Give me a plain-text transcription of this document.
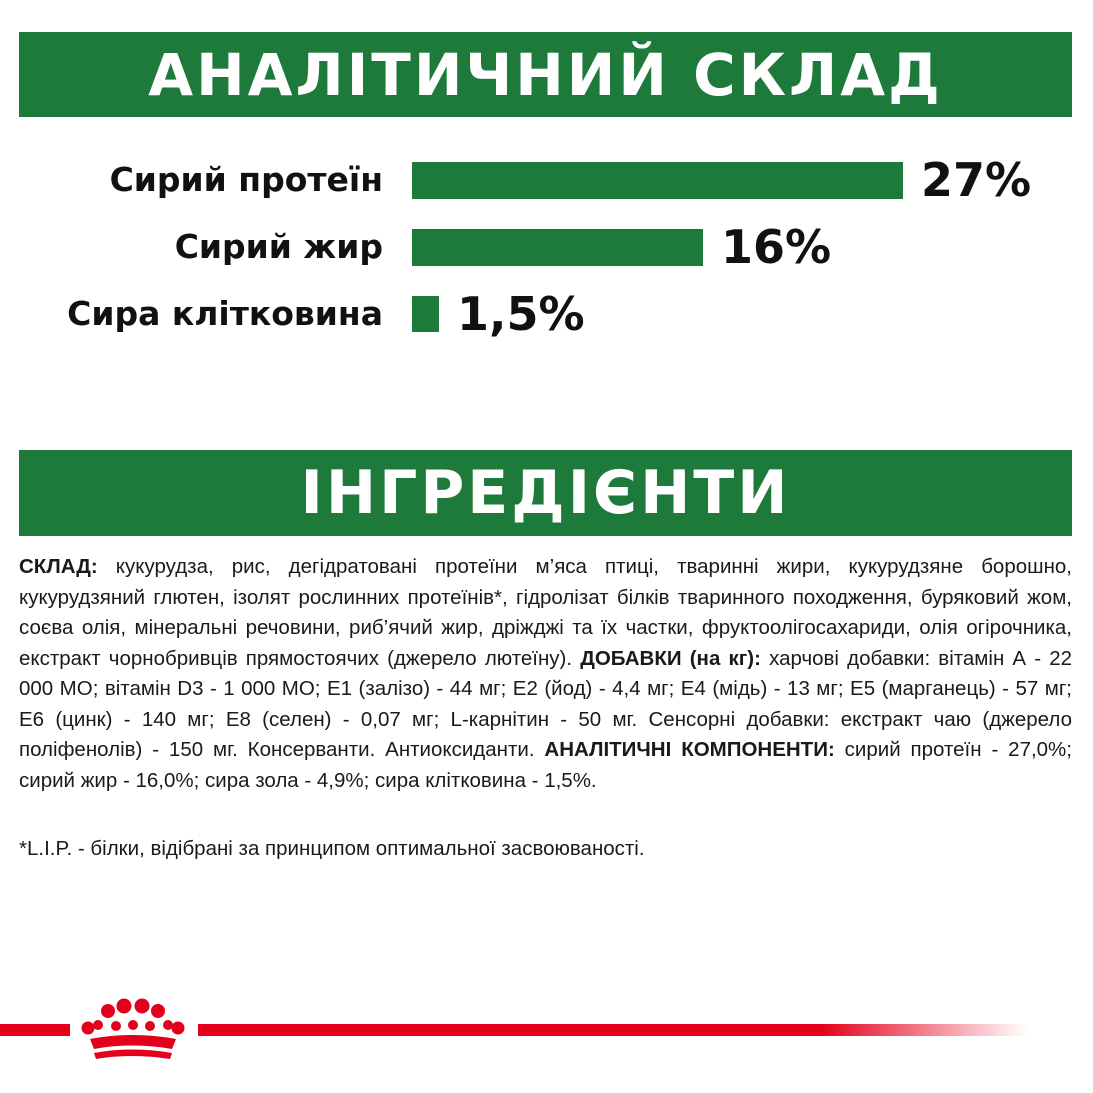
АНАЛІТИЧНИЙ СКЛАД
Сирий протеїн	27%
Сирий жир	16%
Сира клітковина 1,5%
ІНГРЕДІЄНТИ
СКЛАД: кукурудза, рис, дегідратовані протеїни м’яса птиці, тваринні жири, кукурудзяне борошно, кукурудзяний глютен, ізолят рослинних протеїнів*, гідролізат білків тваринного походження, буряковий жом, соєва олія, мінеральні речовини, риб’ячий жир, дріжджі та їх частки, фруктоолігосахариди, олія огірочника, екстракт чорнобривців прямостоячих (джерело лютеїну). ДОБАВКИ (на кг): харчові добавки: вітамін А - 22 000 МО; вітамін D3 - 1 000 МО; Е1 (залізо) - 44 мг; Е2 (йод) - 4,4 мг; Е4 (мідь) - 13 мг; Е5 (марганець) - 57 мг; Е6 (цинк) - 140 мг; Е8 (селен) - 0,07 мг; L-карнітин - 50 мг. Сенсорні добавки: екстракт чаю (джерело поліфенолів) - 150 мг. Консерванти. Антиоксиданти. АНАЛІТИЧНІ КОМПОНЕНТИ: сирий протеїн - 27,0%; сирий жир - 16,0%; сира зола - 4,9%; сира клітковина - 1,5%.
*L.I.P. - білки, відібрані за принципом оптимальної засвоюваності.
